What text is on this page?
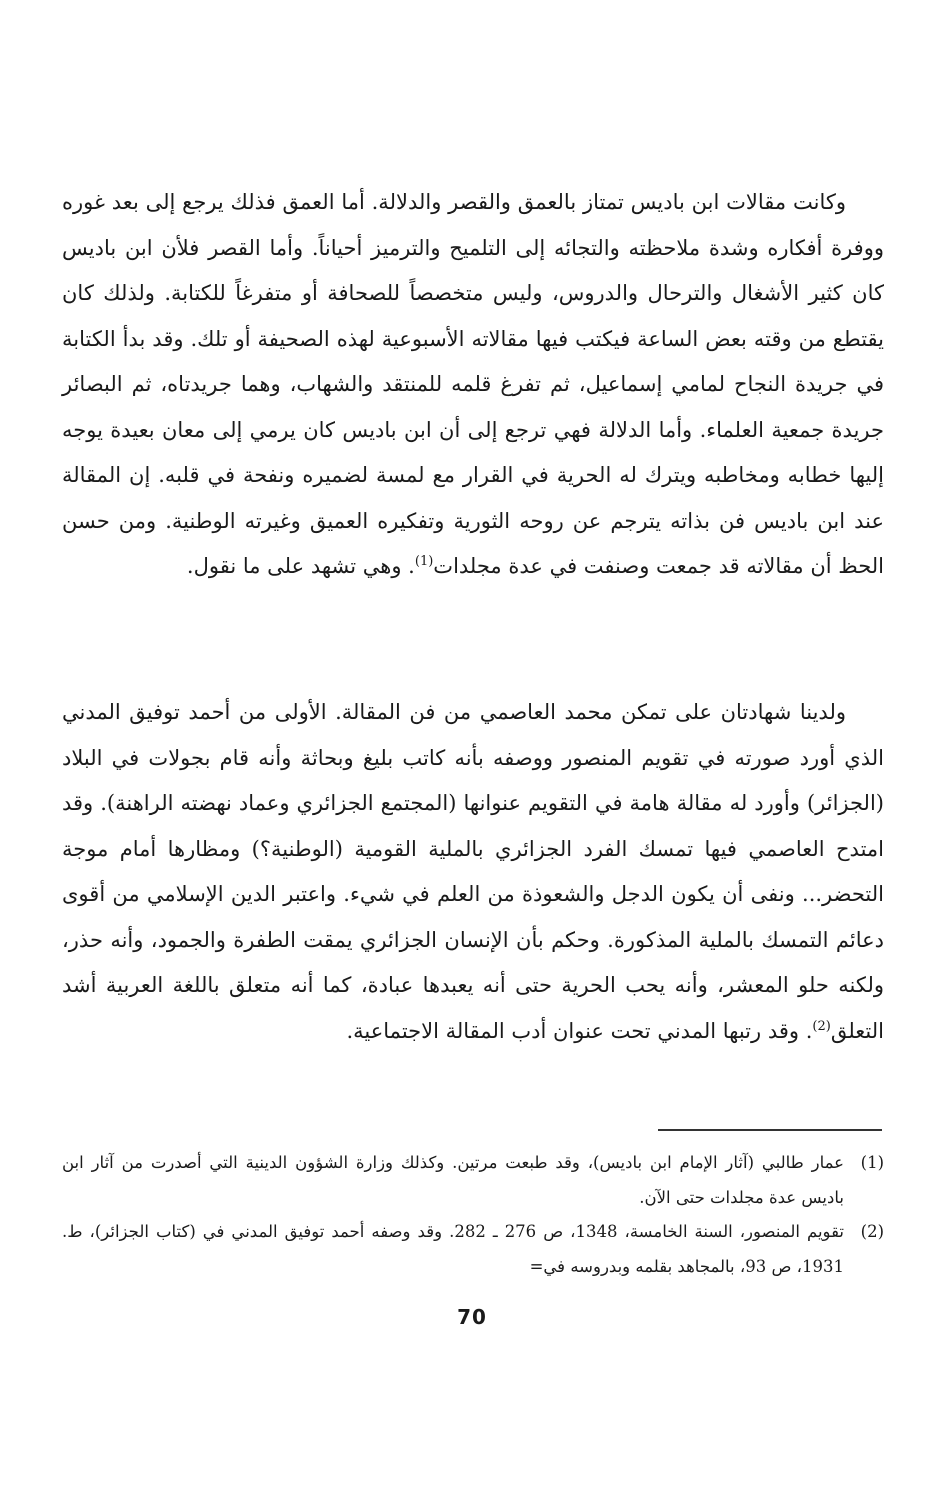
وكانت مقالات ابن باديس تمتاز بالعمق والقصر والدلالة. أما العمق فذلك يرجع إلى بعد غوره ووفرة أفكاره وشدة ملاحظته والتجائه إلى التلميح والترميز أحياناً. وأما القصر فلأن ابن باديس كان كثير الأشغال والترحال والدروس، وليس متخصصاً للصحافة أو متفرغاً للكتابة. ولذلك كان يقتطع من وقته بعض الساعة فيكتب فيها مقالاته الأسبوعية لهذه الصحيفة أو تلك. وقد بدأ الكتابة في جريدة النجاح لمامي إسماعيل، ثم تفرغ قلمه للمنتقد والشهاب، وهما جريدتاه، ثم البصائر جريدة جمعية العلماء. وأما الدلالة فهي ترجع إلى أن ابن باديس كان يرمي إلى معان بعيدة يوجه إليها خطابه ومخاطبه ويترك له الحرية في القرار مع لمسة لضميره ونفحة في قلبه. إن المقالة عند ابن باديس فن بذاته يترجم عن روحه الثورية وتفكيره العميق وغيرته الوطنية. ومن حسن الحظ أن مقالاته قد جمعت وصنفت في عدة مجلدات$^{(1)}$. وهي تشهد على ما نقول.

ولدينا شهادتان على تمكن محمد العاصمي من فن المقالة. الأولى من أحمد توفيق المدني الذي أورد صورته في تقويم المنصور ووصفه بأنه كاتب بليغ وبحاثة وأنه قام بجولات في البلاد (الجزائر) وأورد له مقالة هامة في التقويم عنوانها (المجتمع الجزائري وعماد نهضته الراهنة). وقد امتدح العاصمي فيها تمسك الفرد الجزائري بالملية القومية (الوطنية؟) ومظارها أمام موجة التحضر... ونفى أن يكون الدجل والشعوذة من العلم في شيء. واعتبر الدين الإسلامي من أقوى دعائم التمسك بالملية المذكورة. وحكم بأن الإنسان الجزائري يمقت الطفرة والجمود، وأنه حذر، ولكنه حلو المعشر، وأنه يحب الحرية حتى أنه يعبدها عبادة، كما أنه متعلق باللغة العربية أشد التعلق$^{(2)}$. وقد رتبها المدني تحت عنوان أدب المقالة الاجتماعية.

(1)
عمار طالبي (آثار الإمام ابن باديس)، وقد طبعت مرتين. وكذلك وزارة الشؤون الدينية التي أصدرت من آثار ابن باديس عدة مجلدات حتى الآن.
(2)
تقويم المنصور، السنة الخامسة، 1348، ص 276 ـ 282. وقد وصفه أحمد توفيق المدني في (كتاب الجزائر)، ط. 1931، ص 93، بالمجاهد بقلمه وبدروسه في=
70
